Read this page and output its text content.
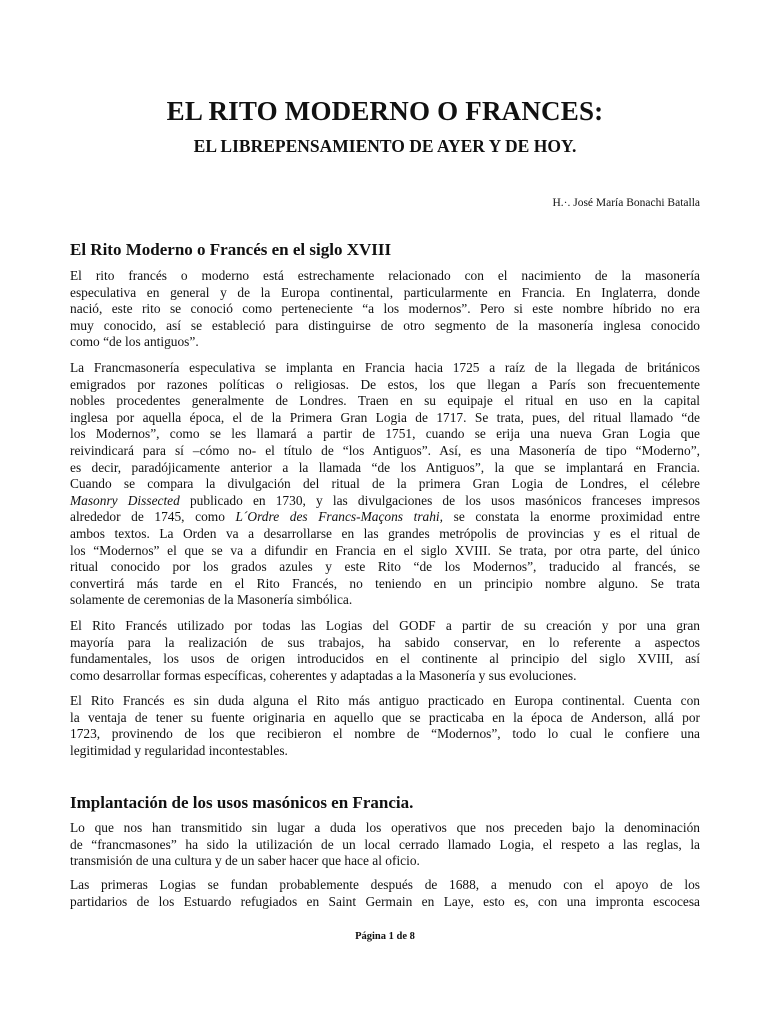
EL RITO MODERNO O FRANCES:
EL LIBREPENSAMIENTO DE AYER Y DE HOY.

H.·. José María Bonachi Batalla

El Rito Moderno o Francés en el siglo XVIII
El rito francés o moderno está estrechamente relacionado con el nacimiento de la masonería
especulativa en general y de la Europa continental, particularmente en Francia. En Inglaterra, donde
nació, este rito se conoció como perteneciente “a los modernos”. Pero si este nombre híbrido no era
muy conocido, así se estableció para distinguirse de otro segmento de la masonería inglesa conocido
como “de los antiguos”.
La Francmasonería especulativa se implanta en Francia hacia 1725 a raíz de la llegada de británicos
emigrados por razones políticas o religiosas. De estos, los que llegan a París son frecuentemente
nobles procedentes generalmente de Londres. Traen en su equipaje el ritual en uso en la capital
inglesa por aquella época, el de la Primera Gran Logia de 1717. Se trata, pues, del ritual llamado “de
los Modernos”, como se les llamará a partir de 1751, cuando se erija una nueva Gran Logia que
reivindicará para sí –cómo no- el título de “los Antiguos”. Así, es una Masonería de tipo “Moderno”,
es decir, paradójicamente anterior a la llamada “de los Antiguos”, la que se implantará en Francia.
Cuando se compara la divulgación del ritual de la primera Gran Logia de Londres, el célebre
Masonry Dissected publicado en 1730, y las divulgaciones de los usos masónicos franceses impresos
alrededor de 1745, como L´Ordre des Francs-Maçons trahi, se constata la enorme proximidad entre
ambos textos. La Orden va a desarrollarse en las grandes metrópolis de provincias y es el ritual de
los “Modernos” el que se va a difundir en Francia en el siglo XVIII. Se trata, por otra parte, del único
ritual conocido por los grados azules y este Rito “de los Modernos”, traducido al francés, se
convertirá más tarde en el Rito Francés, no teniendo en un principio nombre alguno. Se trata
solamente de ceremonias de la Masonería simbólica.
El Rito Francés utilizado por todas las Logias del GODF a partir de su creación y por una gran
mayoría para la realización de sus trabajos, ha sabido conservar, en lo referente a aspectos
fundamentales, los usos de origen introducidos en el continente al principio del siglo XVIII, así
como desarrollar formas específicas, coherentes y adaptadas a la Masonería y sus evoluciones.
El Rito Francés es sin duda alguna el Rito más antiguo practicado en Europa continental. Cuenta con
la ventaja de tener su fuente originaria en aquello que se practicaba en la época de Anderson, allá por
1723, provinendo de los que recibieron el nombre de “Modernos”, todo lo cual le confiere una
legitimidad y regularidad incontestables.
Implantación de los usos masónicos en Francia.
Lo que nos han transmitido sin lugar a duda los operativos que nos preceden bajo la denominación
de “francmasones” ha sido la utilización de un local cerrado llamado Logia, el respeto a las reglas, la
transmisión de una cultura y de un saber hacer que hace al oficio.
Las primeras Logias se fundan probablemente después de 1688, a menudo con el apoyo de los
partidarios de los Estuardo refugiados en Saint Germain en Laye, esto es, con una impronta escocesa

Página 1 de 8
